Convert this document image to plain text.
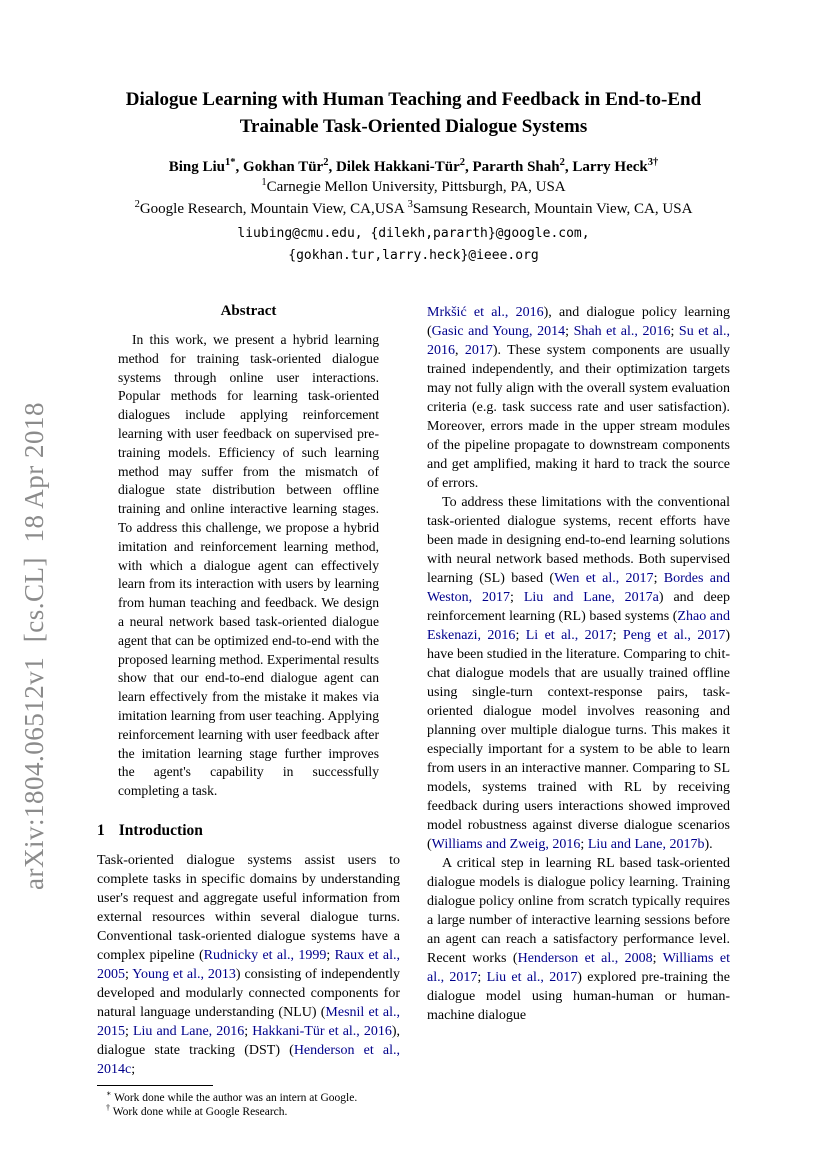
arXiv:1804.06512v1  [cs.CL]  18 Apr 2018
Dialogue Learning with Human Teaching and Feedback in End-to-End
Trainable Task-Oriented Dialogue Systems
Bing Liu$^{1*}$, Gokhan Tür$^2$, Dilek Hakkani-Tür$^2$, Pararth Shah$^2$, Larry Heck$^{3\dagger}$
$^1$Carnegie Mellon University, Pittsburgh, PA, USA
$^2$Google Research, Mountain View, CA,USA $^3$Samsung Research, Mountain View, CA, USA
liubing@cmu.edu, {dilekh,pararth}@google.com,
{gokhan.tur,larry.heck}@ieee.org
Abstract

In this work, we present a hybrid learning method for training task-oriented dialogue systems through online user interactions. Popular methods for learning task-oriented dialogues include applying reinforcement learning with user feedback on supervised pre-training models. Efficiency of such learning method may suffer from the mismatch of dialogue state distribution between offline training and online interactive learning stages. To address this challenge, we propose a hybrid imitation and reinforcement learning method, with which a dialogue agent can effectively learn from its interaction with users by learning from human teaching and feedback. We design a neural network based task-oriented dialogue agent that can be optimized end-to-end with the proposed learning method. Experimental results show that our end-to-end dialogue agent can learn effectively from the mistake it makes via imitation learning from user teaching. Applying reinforcement learning with user feedback after the imitation learning stage further improves the agent's capability in successfully completing a task.

1 Introduction

Task-oriented dialogue systems assist users to complete tasks in specific domains by understanding user's request and aggregate useful information from external resources within several dialogue turns. Conventional task-oriented dialogue systems have a complex pipeline (Rudnicky et al., 1999; Raux et al., 2005; Young et al., 2013) consisting of independently developed and modularly connected components for natural language understanding (NLU) (Mesnil et al., 2015; Liu and Lane, 2016; Hakkani-Tür et al., 2016), dialogue state tracking (DST) (Henderson et al., 2014c;

∗ Work done while the author was an intern at Google.

† Work done while at Google Research.

Mrkšić et al., 2016), and dialogue policy learning (Gasic and Young, 2014; Shah et al., 2016; Su et al., 2016, 2017). These system components are usually trained independently, and their optimization targets may not fully align with the overall system evaluation criteria (e.g. task success rate and user satisfaction). Moreover, errors made in the upper stream modules of the pipeline propagate to downstream components and get amplified, making it hard to track the source of errors.

To address these limitations with the conventional task-oriented dialogue systems, recent efforts have been made in designing end-to-end learning solutions with neural network based methods. Both supervised learning (SL) based (Wen et al., 2017; Bordes and Weston, 2017; Liu and Lane, 2017a) and deep reinforcement learning (RL) based systems (Zhao and Eskenazi, 2016; Li et al., 2017; Peng et al., 2017) have been studied in the literature. Comparing to chit-chat dialogue models that are usually trained offline using single-turn context-response pairs, task-oriented dialogue model involves reasoning and planning over multiple dialogue turns. This makes it especially important for a system to be able to learn from users in an interactive manner. Comparing to SL models, systems trained with RL by receiving feedback during users interactions showed improved model robustness against diverse dialogue scenarios (Williams and Zweig, 2016; Liu and Lane, 2017b).

A critical step in learning RL based task-oriented dialogue models is dialogue policy learning. Training dialogue policy online from scratch typically requires a large number of interactive learning sessions before an agent can reach a satisfactory performance level. Recent works (Henderson et al., 2008; Williams et al., 2017; Liu et al., 2017) explored pre-training the dialogue model using human-human or human-machine dialogue
